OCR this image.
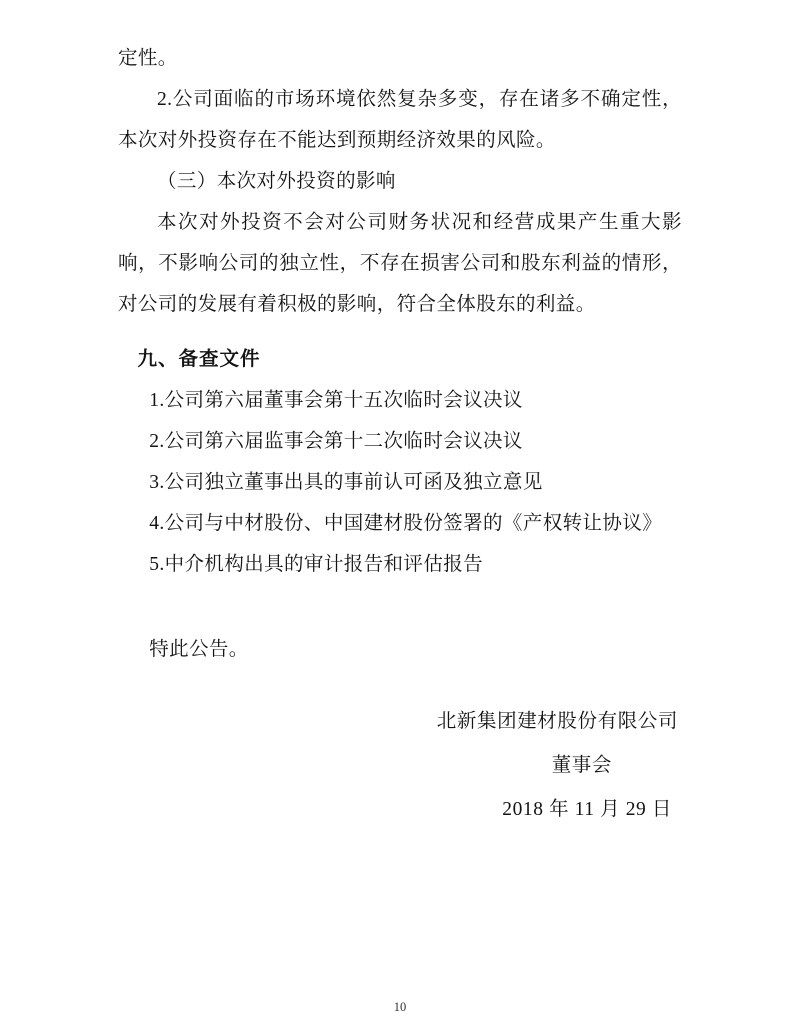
定性。

2.公司面临的市场环境依然复杂多变，存在诸多不确定性，本次对外投资存在不能达到预期经济效果的风险。

（三）本次对外投资的影响

本次对外投资不会对公司财务状况和经营成果产生重大影响，不影响公司的独立性，不存在损害公司和股东利益的情形，对公司的发展有着积极的影响，符合全体股东的利益。

九、备查文件

1.公司第六届董事会第十五次临时会议决议

2.公司第六届监事会第十二次临时会议决议

3.公司独立董事出具的事前认可函及独立意见

4.公司与中材股份、中国建材股份签署的《产权转让协议》

5.中介机构出具的审计报告和评估报告

特此公告。

北新集团建材股份有限公司
董事会
2018 年 11 月 29 日
10
